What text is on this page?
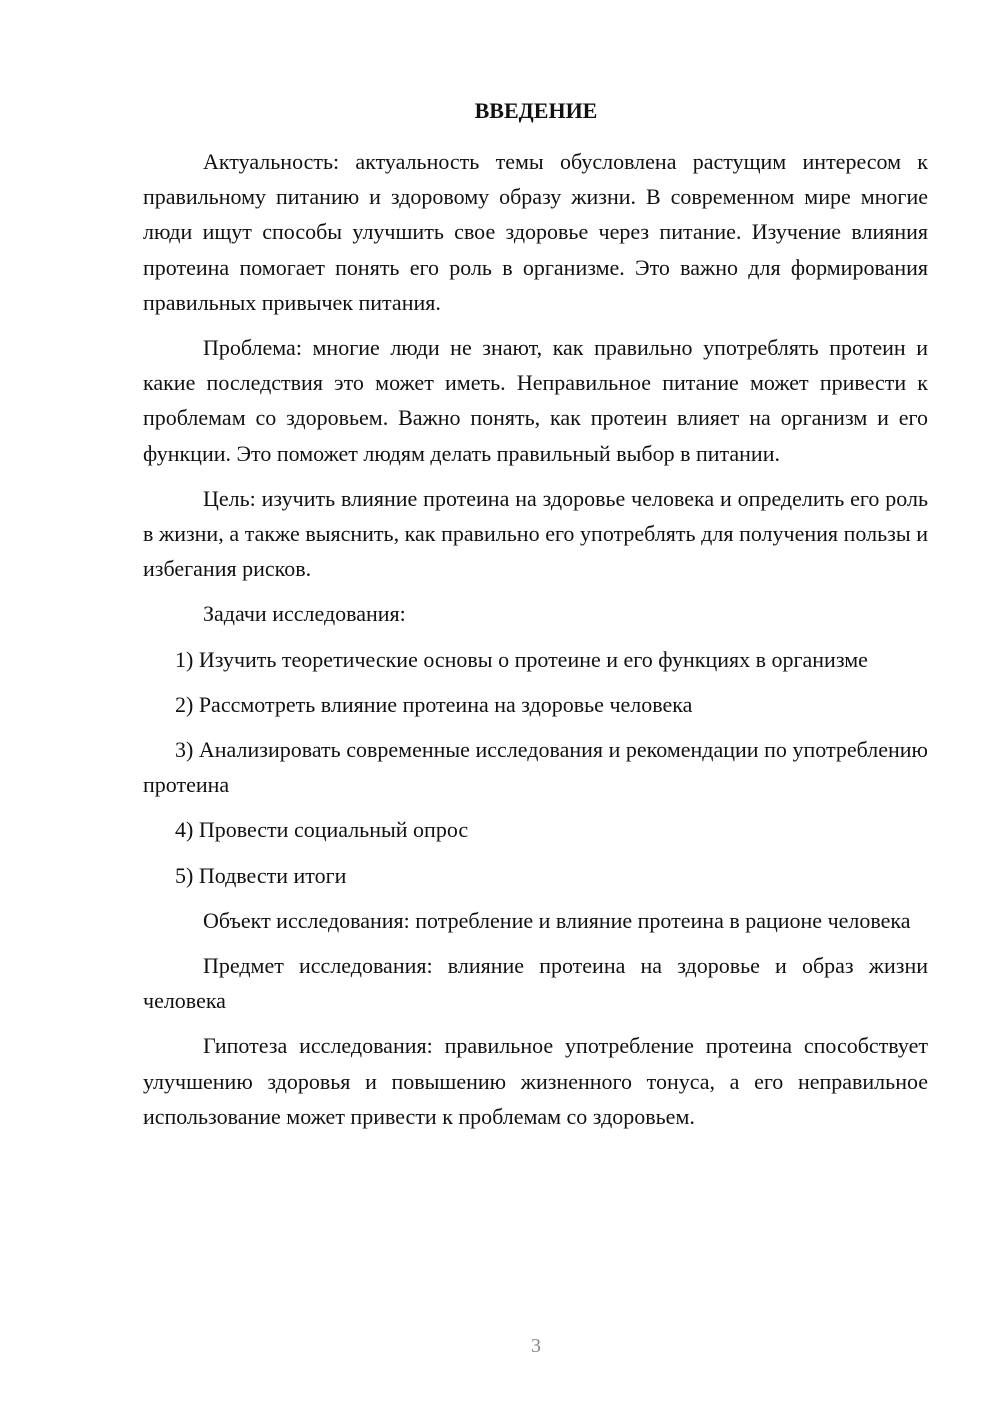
ВВЕДЕНИЕ

Актуальность: актуальность темы обусловлена растущим интересом к правильному питанию и здоровому образу жизни. В современном мире многие люди ищут способы улучшить свое здоровье через питание. Изучение влияния протеина помогает понять его роль в организме. Это важно для формирования правильных привычек питания.

Проблема: многие люди не знают, как правильно употреблять протеин и какие последствия это может иметь. Неправильное питание может привести к проблемам со здоровьем. Важно понять, как протеин влияет на организм и его функции. Это поможет людям делать правильный выбор в питании.

Цель: изучить влияние протеина на здоровье человека и определить его роль в жизни, а также выяснить, как правильно его употреблять для получения пользы и избегания рисков.

Задачи исследования:

1) Изучить теоретические основы о протеине и его функциях в организме

2) Рассмотреть влияние протеина на здоровье человека

3) Анализировать современные исследования и рекомендации по употреблению протеина

4) Провести социальный опрос

5) Подвести итоги

Объект исследования: потребление и влияние протеина в рационе человека

Предмет исследования: влияние протеина на здоровье и образ жизни человека

Гипотеза исследования: правильное употребление протеина способствует улучшению здоровья и повышению жизненного тонуса, а его неправильное использование может привести к проблемам со здоровьем.

3
